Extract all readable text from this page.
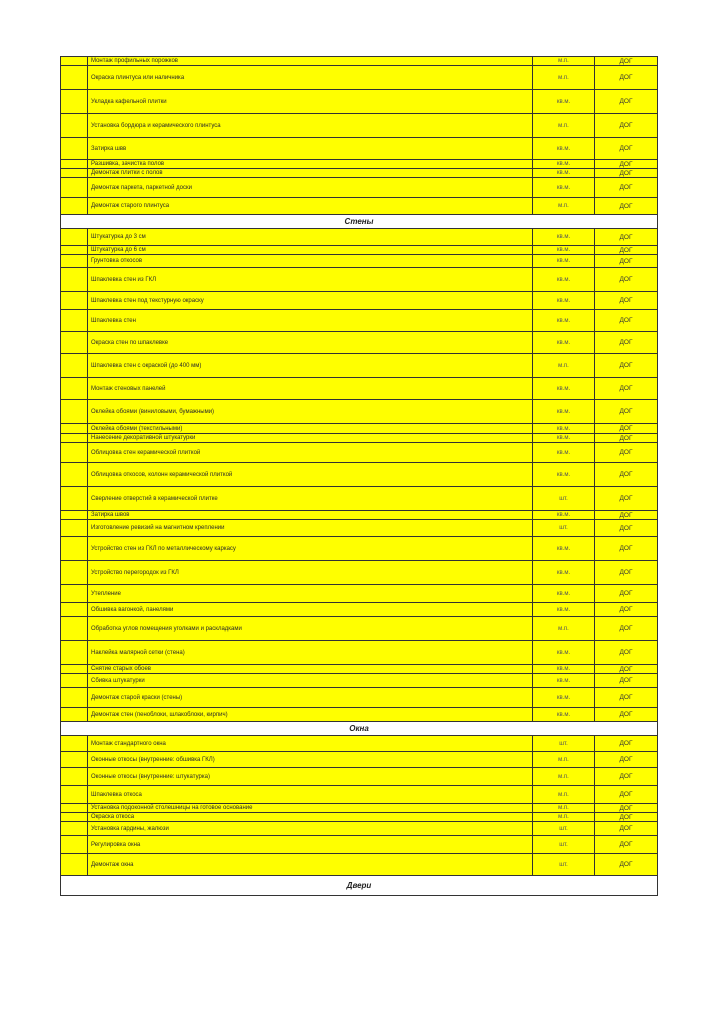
	Монтаж профильных порожков	м.п.	ДОГ
	Окраска плинтуса или наличника	м.п.	ДОГ
	Укладка кафельной плитки	кв.м.	ДОГ
	Установка бордюра и керамического плинтуса	м.п.	ДОГ
	Затирка швв	кв.м.	ДОГ
	Разшивка, зачистка полов	кв.м.	ДОГ
	Демонтаж плитки с полов	кв.м.	ДОГ
	Демонтаж паркета, паркетной доски	кв.м.	ДОГ
	Демонтаж старого плинтуса	м.п.	ДОГ
Стены			
	Штукатурка до 3 см	кв.м.	ДОГ
	Штукатурка до 6 см	кв.м.	ДОГ
	Грунтовка откосов	кв.м.	ДОГ
	Шпаклевка стен из ГКЛ	кв.м.	ДОГ
	Шпаклевка стен под текстурную окраску	кв.м.	ДОГ
	Шпаклевка стен	кв.м.	ДОГ
	Окраска стен по шпаклевке	кв.м.	ДОГ
	Шпаклевка стен с окраской (до 400 мм)	м.п.	ДОГ
	Монтаж стеновых панелей	кв.м.	ДОГ
	Оклейка обоями (виниловыми, бумажными)	кв.м.	ДОГ
	Оклейка обоями (текстильными)	кв.м.	ДОГ
	Нанесение декоративной штукатурки	кв.м.	ДОГ
	Облицовка стен керамической плиткой	кв.м.	ДОГ
	Облицовка откосов, колонн керамической плиткой	кв.м.	ДОГ
	Сверление отверстий в керамической плитке	шт.	ДОГ
	Затирка швов	кв.м.	ДОГ
	Изготовление ревизий на магнитном креплении	шт.	ДОГ
	Устройство стен из ГКЛ по металлическому каркасу	кв.м.	ДОГ
	Устройство перегородок из ГКЛ	кв.м.	ДОГ
	Утепление	кв.м.	ДОГ
	Обшивка вагонкой, панелями	кв.м.	ДОГ
	Обработка углов помещения уголками и раскладками	м.п.	ДОГ
	Наклейка малярной сетки (стена)	кв.м.	ДОГ
	Снятие старых обоев	кв.м.	ДОГ
	Сбивка штукатурки	кв.м.	ДОГ
	Демонтаж старой краски (стены)	кв.м.	ДОГ
	Демонтаж стен (пеноблоки, шлакоблоки, кирпич)	кв.м.	ДОГ
Окна			
	Монтаж стандартного окна	шт.	ДОГ
	Оконные откосы (внутренние: обшивка ГКЛ)	м.п.	ДОГ
	Оконные откосы (внутренние: штукатурка)	м.п.	ДОГ
	Шпаклевка откоса	м.п.	ДОГ
	Установка подоконной столешницы на готовое основание	м.п.	ДОГ
	Окраска откоса	м.п.	ДОГ
	Установка гардины, жалюзи	шт.	ДОГ
	Регулировка окна	шт.	ДОГ
	Демонтаж окна	шт.	ДОГ
Двери			
